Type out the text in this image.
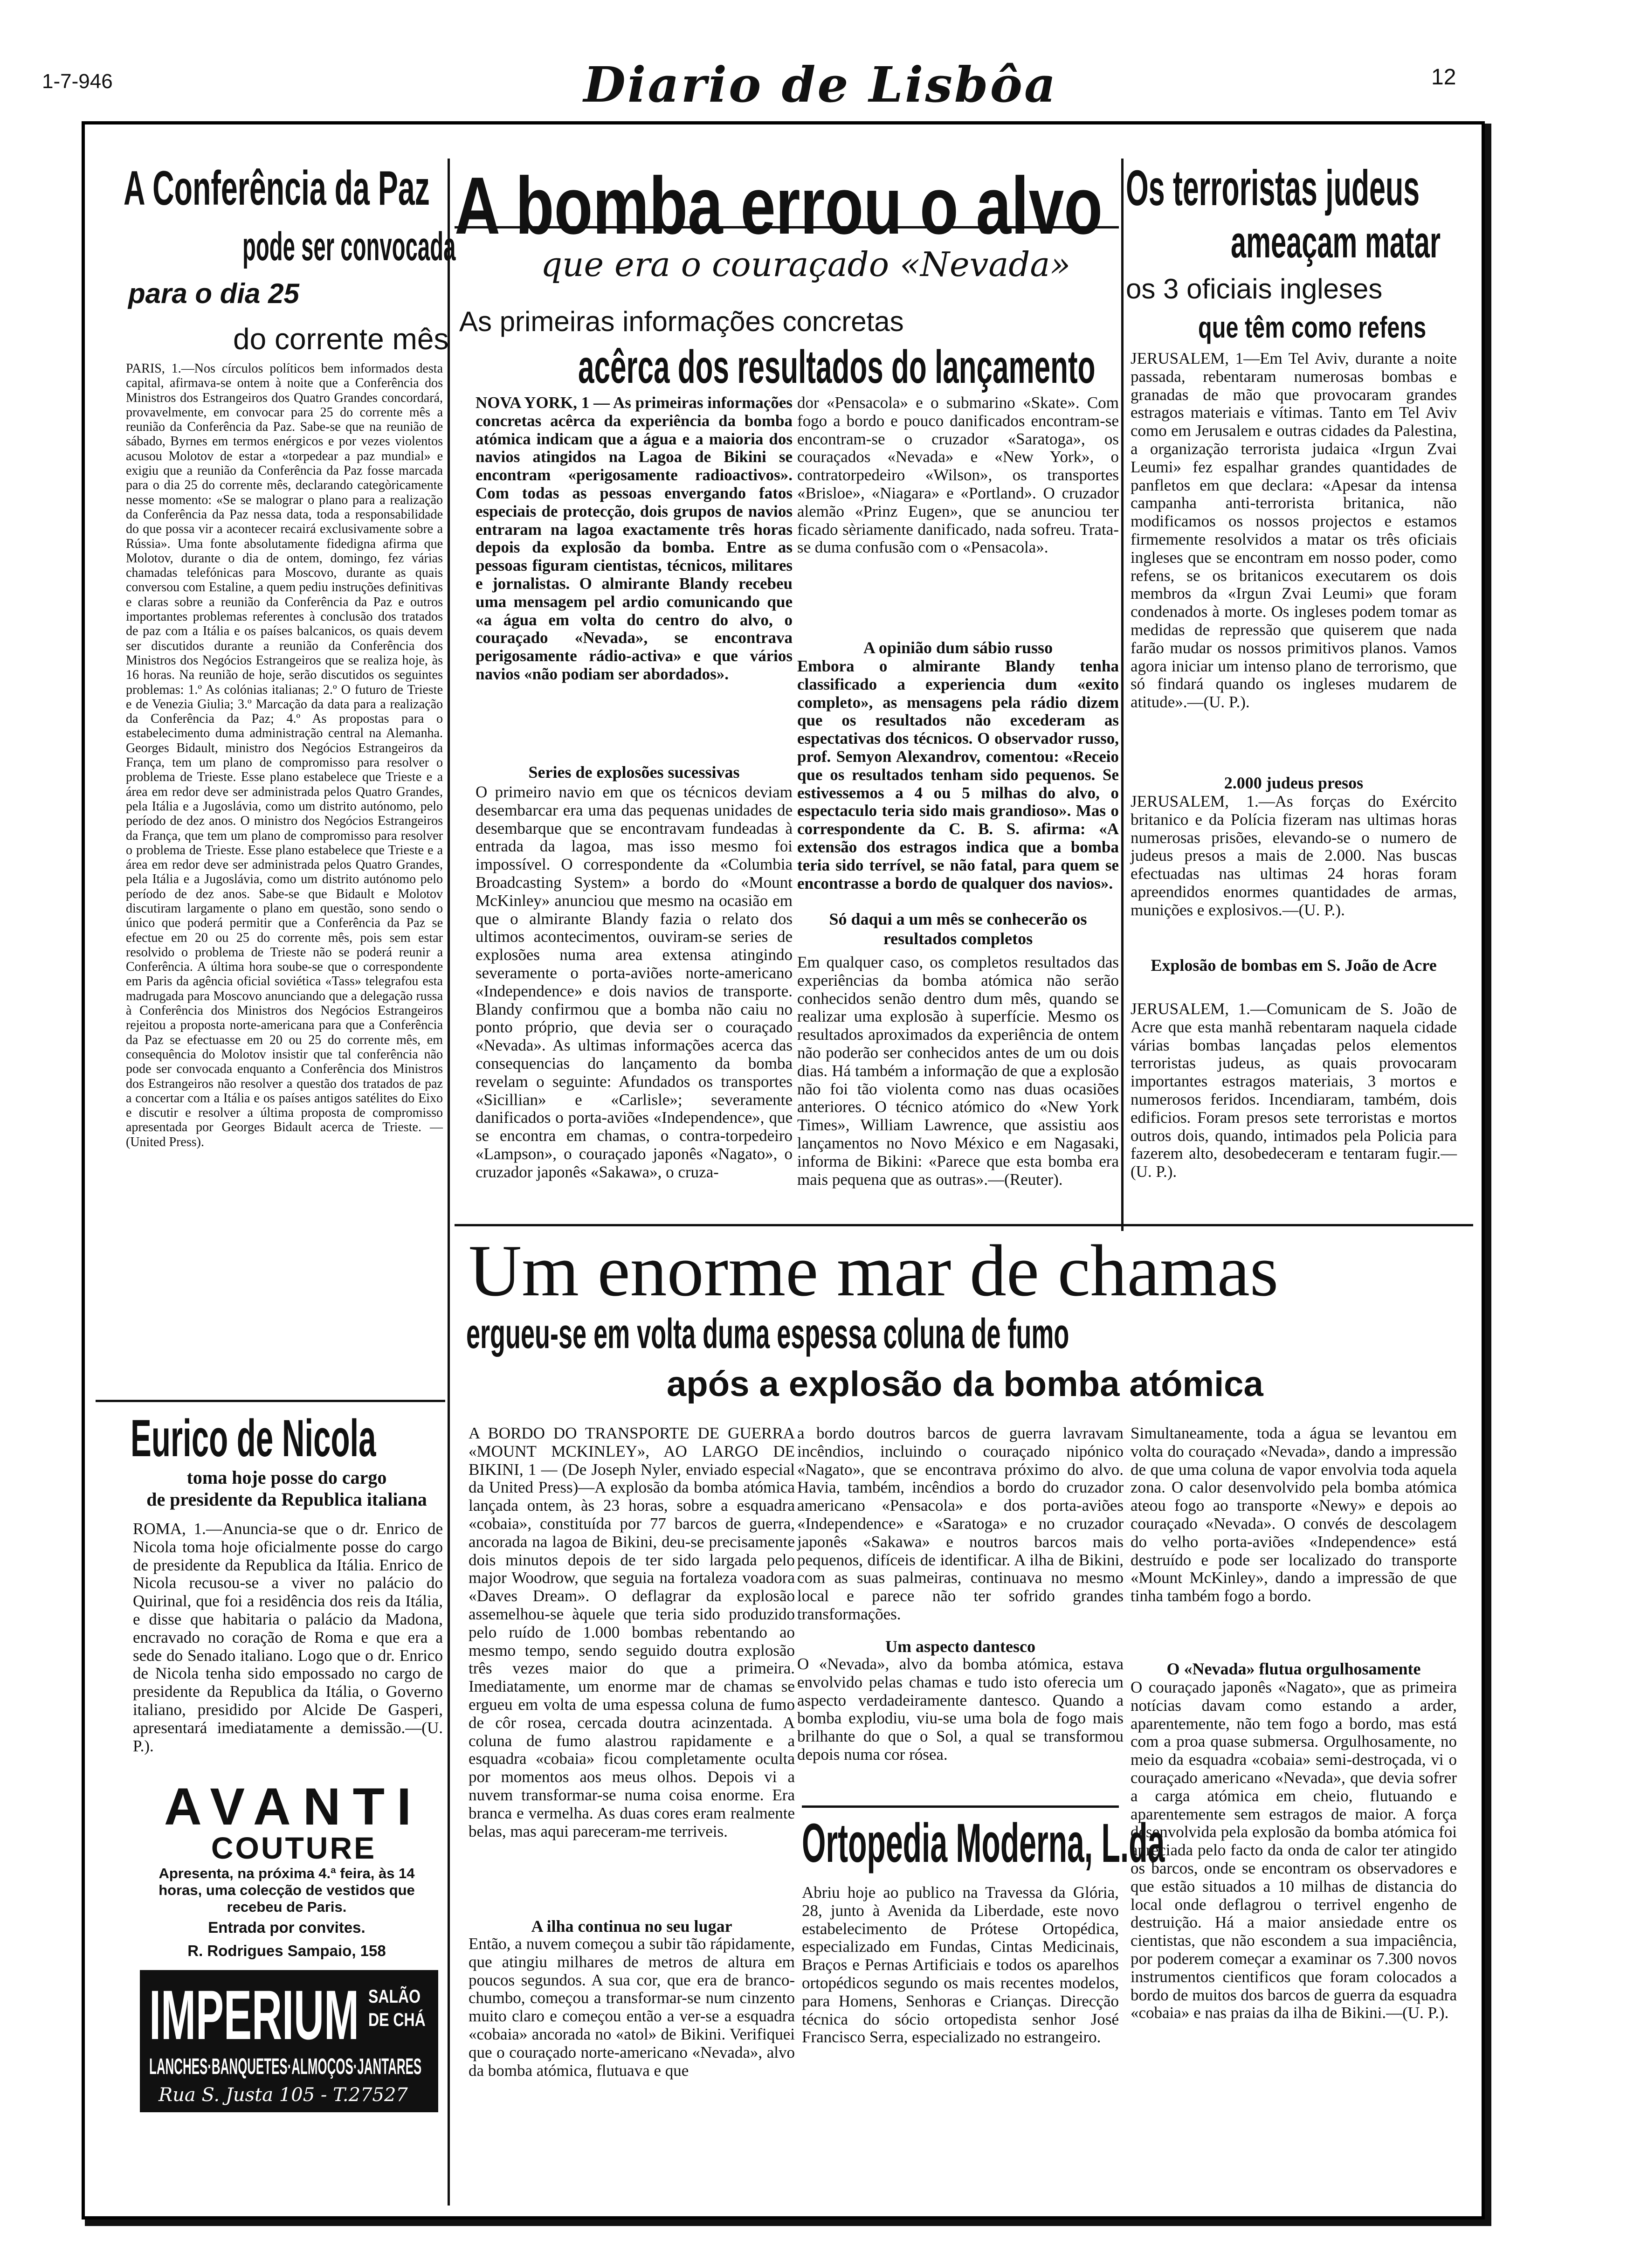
1-7-946	Diario de Lisbôa	12
A Conferência da Paz
pode ser convocada
para o dia 25
do corrente mês
PARIS, 1.—Nos círculos políticos bem informados desta capital, afirmava-se ontem à noite que a Conferência dos Ministros dos Estrangeiros dos Quatro Grandes concordará, provavelmente, em convocar para 25 do corrente mês a reunião da Conferência da Paz. Sabe-se que na reunião de sábado, Byrnes em termos enérgicos e por vezes violentos acusou Molotov de estar a «torpedear a paz mundial» e exigiu que a reunião da Conferência da Paz fosse marcada para o dia 25 do corrente mês, declarando categòricamente nesse momento: «Se se malograr o plano para a realização da Conferência da Paz nessa data, toda a responsabilidade do que possa vir a acontecer recairá exclusivamente sobre a Rússia». Uma fonte absolutamente fidedigna afirma que Molotov, durante o dia de ontem, domingo, fez várias chamadas telefónicas para Moscovo, durante as quais conversou com Estaline, a quem pediu instruções definitivas e claras sobre a reunião da Conferência da Paz e outros importantes problemas referentes à conclusão dos tratados de paz com a Itália e os países balcanicos, os quais devem ser discutidos durante a reunião da Conferência dos Ministros dos Negócios Estrangeiros que se realiza hoje, às 16 horas. Na reunião de hoje, serão discutidos os seguintes problemas: 1.º As colónias italianas; 2.º O futuro de Trieste e de Venezia Giulia; 3.º Marcação da data para a realização da Conferência da Paz; 4.º As propostas para o estabelecimento duma administração central na Alemanha. Georges Bidault, ministro dos Negócios Estrangeiros da França, tem um plano de compromisso para resolver o problema de Trieste. Esse plano estabelece que Trieste e a área em redor deve ser administrada pelos Quatro Grandes, pela Itália e a Jugoslávia, como um distrito autónomo, pelo período de dez anos. O ministro dos Negócios Estrangeiros da França, que tem um plano de compromisso para resolver o problema de Trieste. Esse plano estabelece que Trieste e a área em redor deve ser administrada pelos Quatro Grandes, pela Itália e a Jugoslávia, como um distrito autónomo pelo período de dez anos. Sabe-se que Bidault e Molotov discutiram largamente o plano em questão, sono sendo o único que poderá permitir que a Conferência da Paz se efectue em 20 ou 25 do corrente mês, pois sem estar resolvido o problema de Trieste não se poderá reunir a Conferência. A última hora soube-se que o correspondente em Paris da agência oficial soviética «Tass» telegrafou esta madrugada para Moscovo anunciando que a delegação russa à Conferência dos Ministros dos Negócios Estrangeiros rejeitou a proposta norte-americana para que a Conferência da Paz se efectuasse em 20 ou 25 do corrente mês, em consequência do Molotov insistir que tal conferência não pode ser convocada enquanto a Conferência dos Ministros dos Estrangeiros não resolver a questão dos tratados de paz a concertar com a Itália e os países antigos satélites do Eixo e discutir e resolver a última proposta de compromisso apresentada por Georges Bidault acerca de Trieste. —(United Press).
Eurico de Nicola
toma hoje posse do cargo
de presidente da Republica italiana
ROMA, 1.—Anuncia-se que o dr. Enrico de Nicola toma hoje oficialmente posse do cargo de presidente da Republica da Itália. Enrico de Nicola recusou-se a viver no palácio do Quirinal, que foi a residência dos reis da Itália, e disse que habitaria o palácio da Madona, encravado no coração de Roma e que era a sede do Senado italiano. Logo que o dr. Enrico de Nicola tenha sido empossado no cargo de presidente da Republica da Itália, o Governo italiano, presidido por Alcide De Gasperi, apresentará imediatamente a demissão.—(U. P.).
AVANTI
COUTURE
Apresenta, na próxima 4.ª feira, às 14 horas, uma colecção de vestidos que recebeu de Paris.
Entrada por convites.
R. Rodrigues Sampaio, 158
IMPERIUM SALÃO
DE CHÁ
LANCHES·BANQUETES·ALMOÇOS·JANTARES
Rua S. Justa 105 - T.27527
A bomba errou o alvo
que era o couraçado «Nevada»
As primeiras informações concretas
acêrca dos resultados do lançamento
NOVA YORK, 1 — As primeiras informações concretas acêrca da experiência da bomba atómica indicam que a água e a maioria dos navios atingidos na Lagoa de Bikini se encontram «perigosamente radioactivos». Com todas as pessoas envergando fatos especiais de protecção, dois grupos de navios entraram na lagoa exactamente três horas depois da explosão da bomba. Entre as pessoas figuram cientistas, técnicos, militares e jornalistas. O almirante Blandy recebeu uma mensagem pel ardio comunicando que «a água em volta do centro do alvo, o couraçado «Nevada», se encontrava perigosamente rádio-activa» e que vários navios «não podiam ser abordados».
Series de explosões sucessivas
O primeiro navio em que os técnicos deviam desembarcar era uma das pequenas unidades de desembarque que se encontravam fundeadas à entrada da lagoa, mas isso mesmo foi impossível. O correspondente da «Columbia Broadcasting System» a bordo do «Mount McKinley» anunciou que mesmo na ocasião em que o almirante Blandy fazia o relato dos ultimos acontecimentos, ouviram-se series de explosões numa area extensa atingindo severamente o porta-aviões norte-americano «Independence» e dois navios de transporte. Blandy confirmou que a bomba não caiu no ponto próprio, que devia ser o couraçado «Nevada». As ultimas informações acerca das consequencias do lançamento da bomba revelam o seguinte: Afundados os transportes «Sicillian» e «Carlisle»; severamente danificados o porta-aviões «Independence», que se encontra em chamas, o contra-torpedeiro «Lampson», o couraçado japonês «Nagato», o cruzador japonês «Sakawa», o cruza-
dor «Pensacola» e o submarino «Skate». Com fogo a bordo e pouco danificados encontram-se encontram-se o cruzador «Saratoga», os couraçados «Nevada» e «New York», o contratorpedeiro «Wilson», os transportes «Brisloe», «Niagara» e «Portland». O cruzador alemão «Prinz Eugen», que se anunciou ter ficado sèriamente danificado, nada sofreu. Trata-se duma confusão com o «Pensacola».
A opinião dum sábio russo
Embora o almirante Blandy tenha classificado a experiencia dum «exito completo», as mensagens pela rádio dizem que os resultados não excederam as espectativas dos técnicos. O observador russo, prof. Semyon Alexandrov, comentou: «Receio que os resultados tenham sido pequenos. Se estivessemos a 4 ou 5 milhas do alvo, o espectaculo teria sido mais grandioso». Mas o correspondente da C. B. S. afirma: «A extensão dos estragos indica que a bomba teria sido terrível, se não fatal, para quem se encontrasse a bordo de qualquer dos navios».
Só daqui a um mês se conhecerão os resultados completos
Em qualquer caso, os completos resultados das experiências da bomba atómica não serão conhecidos senão dentro dum mês, quando se realizar uma explosão à superfície. Mesmo os resultados aproximados da experiência de ontem não poderão ser conhecidos antes de um ou dois dias. Há também a informação de que a explosão não foi tão violenta como nas duas ocasiões anteriores. O técnico atómico do «New York Times», William Lawrence, que assistiu aos lançamentos no Novo México e em Nagasaki, informa de Bikini: «Parece que esta bomba era mais pequena que as outras».—(Reuter).
Os terroristas judeus
ameaçam matar
os 3 oficiais ingleses
que têm como refens
JERUSALEM, 1—Em Tel Aviv, durante a noite passada, rebentaram numerosas bombas e granadas de mão que provocaram grandes estragos materiais e vítimas. Tanto em Tel Aviv como em Jerusalem e outras cidades da Palestina, a organização terrorista judaica «Irgun Zvai Leumi» fez espalhar grandes quantidades de panfletos em que declara: «Apesar da intensa campanha anti-terrorista britanica, não modificamos os nossos projectos e estamos firmemente resolvidos a matar os três oficiais ingleses que se encontram em nosso poder, como refens, se os britanicos executarem os dois membros da «Irgun Zvai Leumi» que foram condenados à morte. Os ingleses podem tomar as medidas de repressão que quiserem que nada farão mudar os nossos primitivos planos. Vamos agora iniciar um intenso plano de terrorismo, que só findará quando os ingleses mudarem de atitude».—(U. P.).
2.000 judeus presos
JERUSALEM, 1.—As forças do Exército britanico e da Polícia fizeram nas ultimas horas numerosas prisões, elevando-se o numero de judeus presos a mais de 2.000. Nas buscas efectuadas nas ultimas 24 horas foram apreendidos enormes quantidades de armas, munições e explosivos.—(U. P.).
Explosão de bombas em S. João de Acre
JERUSALEM, 1.—Comunicam de S. João de Acre que esta manhã rebentaram naquela cidade várias bombas lançadas pelos elementos terroristas judeus, as quais provocaram importantes estragos materiais, 3 mortos e numerosos feridos. Incendiaram, também, dois edificios. Foram presos sete terroristas e mortos outros dois, quando, intimados pela Policia para fazerem alto, desobedeceram e tentaram fugir.—(U. P.).
Um enorme mar de chamas
ergueu-se em volta duma espessa coluna de fumo
após a explosão da bomba atómica
A BORDO DO TRANSPORTE DE GUERRA «MOUNT MCKINLEY», AO LARGO DE BIKINI, 1 — (De Joseph Nyler, enviado especial da United Press)—A explosão da bomba atómica lançada ontem, às 23 horas, sobre a esquadra «cobaia», constituída por 77 barcos de guerra, ancorada na lagoa de Bikini, deu-se precisamente dois minutos depois de ter sido largada pelo major Woodrow, que seguia na fortaleza voadora «Daves Dream». O deflagrar da explosão assemelhou-se àquele que teria sido produzido pelo ruído de 1.000 bombas rebentando ao mesmo tempo, sendo seguido doutra explosão três vezes maior do que a primeira. Imediatamente, um enorme mar de chamas se ergueu em volta de uma espessa coluna de fumo de côr rosea, cercada doutra acinzentada. A coluna de fumo alastrou rapidamente e a esquadra «cobaia» ficou completamente oculta por momentos aos meus olhos. Depois vi a nuvem transformar-se numa coisa enorme. Era branca e vermelha. As duas cores eram realmente belas, mas aqui pareceram-me terriveis.
A ilha continua no seu lugar
Então, a nuvem começou a subir tão rápidamente, que atingiu milhares de metros de altura em poucos segundos. A sua cor, que era de branco-chumbo, começou a transformar-se num cinzento muito claro e começou então a ver-se a esquadra «cobaia» ancorada no «atol» de Bikini. Verifiquei que o couraçado norte-americano «Nevada», alvo da bomba atómica, flutuava e que
a bordo doutros barcos de guerra lavravam incêndios, incluindo o couraçado nipónico «Nagato», que se encontrava próximo do alvo. Havia, também, incêndios a bordo do cruzador americano «Pensacola» e dos porta-aviões «Independence» e «Saratoga» e no cruzador japonês «Sakawa» e noutros barcos mais pequenos, difíceis de identificar. A ilha de Bikini, com as suas palmeiras, continuava no mesmo local e parece não ter sofrido grandes transformações.
Um aspecto dantesco
O «Nevada», alvo da bomba atómica, estava envolvido pelas chamas e tudo isto oferecia um aspecto verdadeiramente dantesco. Quando a bomba explodiu, viu-se uma bola de fogo mais brilhante do que o Sol, a qual se transformou depois numa cor rósea.
Ortopedia Moderna, L.da
Abriu hoje ao publico na Travessa da Glória, 28, junto à Avenida da Liberdade, este novo estabelecimento de Prótese Ortopédica, especializado em Fundas, Cintas Medicinais, Braços e Pernas Artificiais e todos os aparelhos ortopédicos segundo os mais recentes modelos, para Homens, Senhoras e Crianças. Direcção técnica do sócio ortopedista senhor José Francisco Serra, especializado no estrangeiro.
Simultaneamente, toda a água se levantou em volta do couraçado «Nevada», dando a impressão de que uma coluna de vapor envolvia toda aquela zona. O calor desenvolvido pela bomba atómica ateou fogo ao transporte «Newy» e depois ao couraçado «Nevada». O convés de descolagem do velho porta-aviões «Independence» está destruído e pode ser localizado do transporte «Mount McKinley», dando a impressão de que tinha também fogo a bordo.
O «Nevada» flutua orgulhosamente
O couraçado japonês «Nagato», que as primeira notícias davam como estando a arder, aparentemente, não tem fogo a bordo, mas está com a proa quase submersa. Orgulhosamente, no meio da esquadra «cobaia» semi-destroçada, vi o couraçado americano «Nevada», que devia sofrer a carga atómica em cheio, flutuando e aparentemente sem estragos de maior. A força desenvolvida pela explosão da bomba atómica foi apreciada pelo facto da onda de calor ter atingido os barcos, onde se encontram os observadores e que estão situados a 10 milhas de distancia do local onde deflagrou o terrivel engenho de destruição. Há a maior ansiedade entre os cientistas, que não escondem a sua impaciência, por poderem começar a examinar os 7.300 novos instrumentos cientificos que foram colocados a bordo de muitos dos barcos de guerra da esquadra «cobaia» e nas praias da ilha de Bikini.—(U. P.).
